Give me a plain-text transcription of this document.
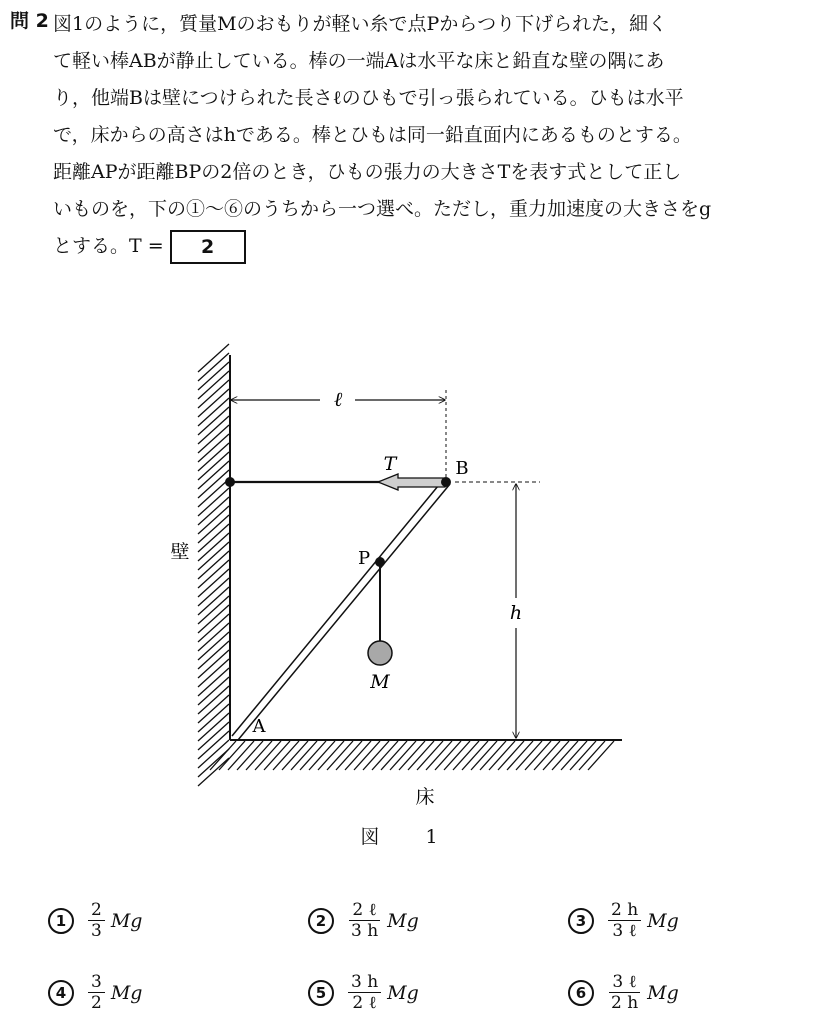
問 2 図1のように，質量Mのおもりが軽い糸で点Pからつり下げられた，細く

て軽い棒ABが静止している。棒の一端Aは水平な床と鉛直な壁の隅にあ

り，他端Bは壁につけられた長さℓのひもで引っ張られている。ひもは水平

で，床からの高さはhである。棒とひもは同一鉛直面内にあるものとする。

距離APが距離BPの2倍のとき，ひもの張力の大きさTを表す式として正し

いものを，下の①～⑥のうちから一つ選べ。ただし，重力加速度の大きさをg

とする。T = 2

ℓ
h
T	B
P
M
A
壁
床
図 1
1	$\frac{2}{3}$ Mg	2	$\frac{\text{2 ℓ}}{3 h}$ Mg	3	$\frac{2 h}{\text{3 ℓ}}$ Mg
4	$\frac{3}{2}$ Mg	5	$\frac{3 h}{\text{2 ℓ}}$ Mg	6	$\frac{\text{3 ℓ}}{2 h}$ Mg
